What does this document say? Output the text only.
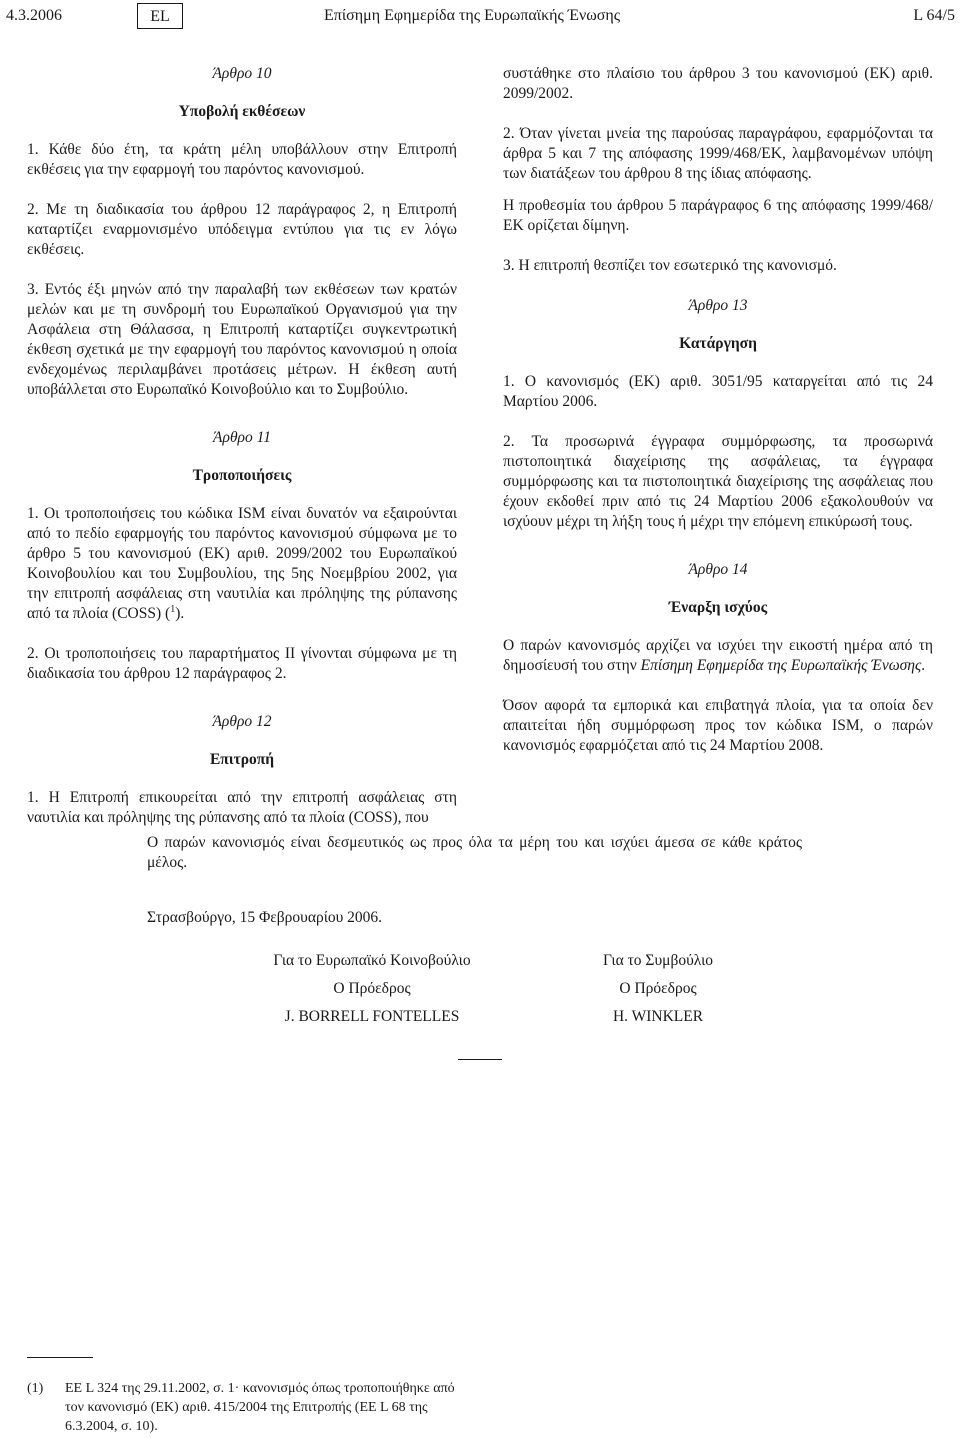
4.3.2006	EL	Επίσημη Εφημερίδα της Ευρωπαϊκής Ένωσης	L 64/5

Άρθρο 10

Υποβολή εκθέσεων

1. Κάθε δύο έτη, τα κράτη μέλη υποβάλλουν στην Επιτροπή εκθέσεις για την εφαρμογή του παρόντος κανονισμού.

2. Με τη διαδικασία του άρθρου 12 παράγραφος 2, η Επιτροπή καταρτίζει εναρμονισμένο υπόδειγμα εντύπου για τις εν λόγω εκθέσεις.

3. Εντός έξι μηνών από την παραλαβή των εκθέσεων των κρατών μελών και με τη συνδρομή του Ευρωπαϊκού Οργανισμού για την Ασφάλεια στη Θάλασσα, η Επιτροπή καταρτίζει συγκεντρωτική έκθεση σχετικά με την εφαρμογή του παρόντος κανονισμού η οποία ενδεχομένως περιλαμβάνει προτάσεις μέτρων. Η έκθεση αυτή υποβάλλεται στο Ευρωπαϊκό Κοινοβούλιο και το Συμβούλιο.

Άρθρο 11

Τροποποιήσεις

1. Οι τροποποιήσεις του κώδικα ISM είναι δυνατόν να εξαιρούνται από το πεδίο εφαρμογής του παρόντος κανονισμού σύμφωνα με το άρθρο 5 του κανονισμού (ΕΚ) αριθ. 2099/2002 του Ευρωπαϊκού Κοινοβουλίου και του Συμβουλίου, της 5ης Νοεμβρίου 2002, για την επιτροπή ασφάλειας στη ναυτιλία και πρόληψης της ρύπανσης από τα πλοία (COSS) ($^1$).

2. Οι τροποποιήσεις του παραρτήματος II γίνονται σύμφωνα με τη διαδικασία του άρθρου 12 παράγραφος 2.

Άρθρο 12

Επιτροπή

1. Η Επιτροπή επικουρείται από την επιτροπή ασφάλειας στη ναυτιλία και πρόληψης της ρύπανσης από τα πλοία (COSS), που

συστάθηκε στο πλαίσιο του άρθρου 3 του κανονισμού (ΕΚ) αριθ. 2099/2002.

2. Όταν γίνεται μνεία της παρούσας παραγράφου, εφαρμόζονται τα άρθρα 5 και 7 της απόφασης 1999/468/ΕΚ, λαμβανομένων υπόψη των διατάξεων του άρθρου 8 της ίδιας απόφασης.

Η προθεσμία του άρθρου 5 παράγραφος 6 της απόφασης 1999/468/ΕΚ ορίζεται δίμηνη.

3. Η επιτροπή θεσπίζει τον εσωτερικό της κανονισμό.

Άρθρο 13

Κατάργηση

1. Ο κανονισμός (ΕΚ) αριθ. 3051/95 καταργείται από τις 24 Μαρτίου 2006.

2. Τα προσωρινά έγγραφα συμμόρφωσης, τα προσωρινά πιστοποιητικά διαχείρισης της ασφάλειας, τα έγγραφα συμμόρφωσης και τα πιστοποιητικά διαχείρισης της ασφάλειας που έχουν εκδοθεί πριν από τις 24 Μαρτίου 2006 εξακολουθούν να ισχύουν μέχρι τη λήξη τους ή μέχρι την επόμενη επικύρωσή τους.

Άρθρο 14

Έναρξη ισχύος

Ο παρών κανονισμός αρχίζει να ισχύει την εικοστή ημέρα από τη δημοσίευσή του στην Επίσημη Εφημερίδα της Ευρωπαϊκής Ένωσης.

Όσον αφορά τα εμπορικά και επιβατηγά πλοία, για τα οποία δεν απαιτείται ήδη συμμόρφωση προς τον κώδικα ISM, ο παρών κανονισμός εφαρμόζεται από τις 24 Μαρτίου 2008.

Ο παρών κανονισμός είναι δεσμευτικός ως προς όλα τα μέρη του και ισχύει άμεσα σε κάθε κράτος μέλος.

Στρασβούργο, 15 Φεβρουαρίου 2006.
Για το Ευρωπαϊκό Κοινοβούλιο
Ο Πρόεδρος
J. BORRELL FONTELLES
Για το Συμβούλιο
Ο Πρόεδρος
H. WINKLER
(1) ΕΕ L 324 της 29.11.2002, σ. 1· κανονισμός όπως τροποποιήθηκε από τον κανονισμό (ΕΚ) αριθ. 415/2004 της Επιτροπής (ΕΕ L 68 της 6.3.2004, σ. 10).
